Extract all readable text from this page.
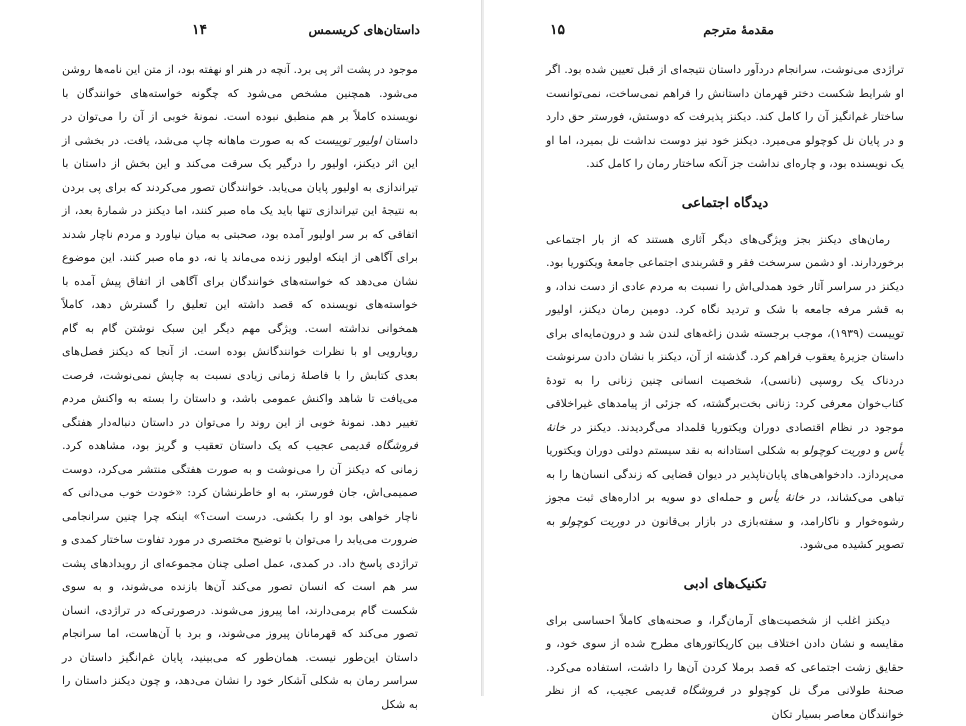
داستان‌های کریسمس
۱۴

موجود در پشت اثر پی برد. آنچه در هنر او نهفته بود، از متن این نامه‌ها روشن می‌شود. همچنین مشخص می‌شود که چگونه خواسته‌های خوانندگان با نویسنده کاملاً بر هم منطبق نبوده است. نمونۀ خوبی از آن را می‌توان در داستان اولیور توییست که به صورت ماهانه چاپ می‌شد، یافت. در بخشی از این اثر دیکنز، اولیور را درگیر یک سرقت می‌کند و این بخش از داستان با تیراندازی به اولیور پایان می‌یابد. خوانندگان تصور می‌کردند که برای پی بردن به نتیجۀ این تیراندازی تنها باید یک ماه صبر کنند، اما دیکنز در شمارۀ بعد، از اتفاقی که بر سر اولیور آمده بود، صحبتی به میان نیاورد و مردم ناچار شدند برای آگاهی از اینکه اولیور زنده می‌ماند یا نه، دو ماه صبر کنند. این موضوع نشان می‌دهد که خواسته‌های خوانندگان برای آگاهی از اتفاق پیش آمده با خواسته‌های نویسنده که قصد داشته این تعلیق را گسترش دهد، کاملاً همخوانی نداشته است. ویژگی مهم دیگر این سبک نوشتن گام به گام رویارویی او با نظرات خوانندگانش بوده است. از آنجا که دیکنز فصل‌های بعدی کتابش را با فاصلۀ زمانی زیادی نسبت به چاپش نمی‌نوشت، فرصت می‌یافت تا شاهد واکنش عمومی باشد، و داستان را بسته به واکنش مردم تغییر دهد. نمونۀ خوبی از این روند را می‌توان در داستان دنباله‌دار هفتگی فروشگاه قدیمی عجیب که یک داستان تعقیب و گریز بود، مشاهده کرد. زمانی که دیکنز آن را می‌نوشت و به صورت هفتگی منتشر می‌کرد، دوست صمیمی‌اش، جان فورستر، به او خاطرنشان کرد: «خودت خوب می‌دانی که ناچار خواهی بود او را بکشی. درست است؟» اینکه چرا چنین سرانجامی ضرورت می‌یابد را می‌توان با توضیح مختصری در مورد تفاوت ساختار کمدی و تراژدی پاسخ داد. در کمدی، عمل اصلی چنان مجموعه‌ای از رویدادهای پشت سر هم است که انسان تصور می‌کند آن‌ها بازنده می‌شوند، و به سوی شکست گام برمی‌دارند، اما پیروز می‌شوند. درصورتی‌که در تراژدی، انسان تصور می‌کند که قهرمانان پیروز می‌شوند، و برد با آن‌هاست، اما سرانجام داستان این‌طور نیست. همان‌طور که می‌بینید، پایان غم‌انگیز داستان در سراسر رمان به شکلی آشکار خود را نشان می‌دهد، و چون دیکنز داستان را به شکل

مقدمۀ مترجم
۱۵

تراژدی می‌نوشت، سرانجام دردآور داستان نتیجه‌ای از قبل تعیین شده بود. اگر او شرایط شکست دختر قهرمان داستانش را فراهم نمی‌ساخت، نمی‌توانست ساختار غم‌انگیز آن را کامل کند. دیکنز پذیرفت که دوستش، فورستر حق دارد و در پایان نل کوچولو می‌میرد. دیکنز خود نیز دوست نداشت نل بمیرد، اما او یک نویسنده بود، و چاره‌ای نداشت جز آنکه ساختار رمان را کامل کند.

دیدگاه اجتماعی

رمان‌های دیکنز بجز ویژگی‌های دیگر آثاری هستند که از بار اجتماعی برخوردارند. او دشمن سرسخت فقر و قشربندی اجتماعی جامعۀ ویکتوریا بود. دیکنز در سراسر آثار خود همدلی‌اش را نسبت به مردم عادی از دست نداد، و به قشر مرفه جامعه با شک و تردید نگاه کرد. دومین رمان دیکنز، اولیور توییست (۱۹۳۹)، موجب برجسته شدن زاغه‌های لندن شد و درون‌مایه‌ای برای داستان جزیرۀ یعقوب فراهم کرد. گذشته از آن، دیکنز با نشان دادن سرنوشت دردناک یک روسپی (نانسی)، شخصیت انسانی چنین زنانی را به تودۀ کتاب‌خوان معرفی کرد: زنانی بخت‌برگشته، که جزئی از پیامدهای غیراخلاقی موجود در نظام اقتصادی دوران ویکتوریا قلمداد می‌گردیدند. دیکنز در خانۀ یأس و دوریت کوچولو به شکلی استادانه به نقد سیستم دولتی دوران ویکتوریا می‌پردازد. دادخواهی‌های پایان‌ناپذیر در دیوان قضایی که زندگی انسان‌ها را به تباهی می‌کشاند، در خانۀ یأس و حمله‌ای دو سویه بر اداره‌های ثبت مجوز رشوه‌خوار و ناکارامد، و سفته‌بازی در بازار بی‌قانون در دوریت کوچولو به تصویر کشیده می‌شود.

تکنیک‌های ادبی

دیکنز اغلب از شخصیت‌های آرمان‌گرا، و صحنه‌های کاملاً احساسی برای مقایسه و نشان دادن اختلاف بین کاریکاتورهای مطرح شده از سوی خود، و حقایق زشت اجتماعی که قصد برملا کردن آن‌ها را داشت، استفاده می‌کرد. صحنۀ طولانی مرگ نل کوچولو در فروشگاه قدیمی عجیب، که از نظر خوانندگان معاصر بسیار تکان
